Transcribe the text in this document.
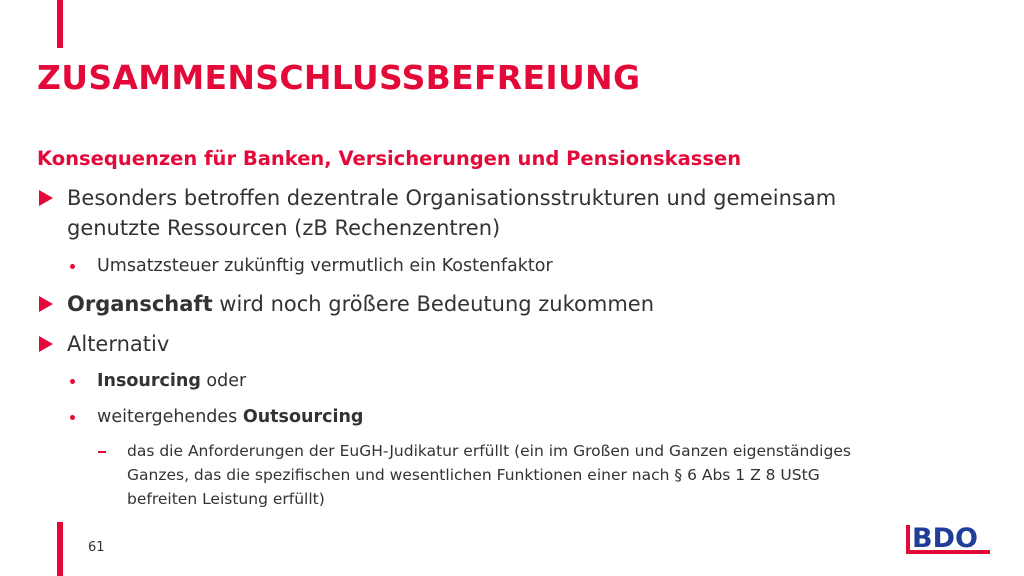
ZUSAMMENSCHLUSSBEFREIUNG
Konsequenzen für Banken, Versicherungen und Pensionskassen
Besonders betroffen dezentrale Organisationsstrukturen und gemeinsam
genutzte Ressourcen (zB Rechenzentren)
Umsatzsteuer zukünftig vermutlich ein Kostenfaktor
Organschaft wird noch größere Bedeutung zukommen
Alternativ
Insourcing oder
weitergehendes Outsourcing
das die Anforderungen der EuGH-Judikatur erfüllt (ein im Großen und Ganzen eigenständiges
Ganzes, das die spezifischen und wesentlichen Funktionen einer nach § 6 Abs 1 Z 8 UStG
befreiten Leistung erfüllt)
61	BDO
